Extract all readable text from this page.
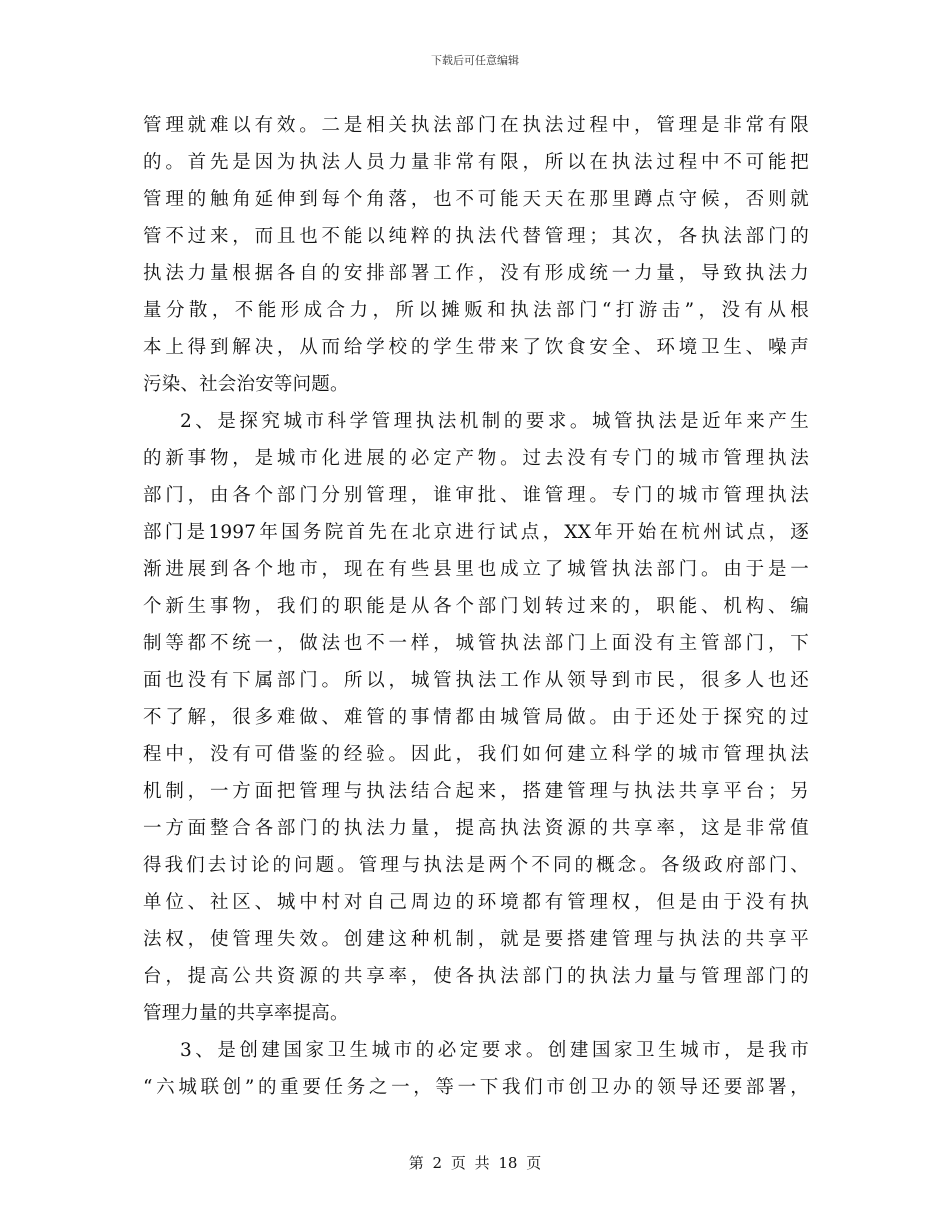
下载后可任意编辑
管理就难以有效。二是相关执法部门在执法过程中，管理是非常有限
的。首先是因为执法人员力量非常有限，所以在执法过程中不可能把
管理的触角延伸到每个角落，也不可能天天在那里蹲点守候，否则就
管不过来，而且也不能以纯粹的执法代替管理；其次，各执法部门的
执法力量根据各自的安排部署工作，没有形成统一力量，导致执法力
量分散，不能形成合力，所以摊贩和执法部门“打游击”，没有从根
本上得到解决，从而给学校的学生带来了饮食安全、环境卫生、噪声
污染、社会治安等问题。
2、是探究城市科学管理执法机制的要求。城管执法是近年来产生
的新事物，是城市化进展的必定产物。过去没有专门的城市管理执法
部门，由各个部门分别管理，谁审批、谁管理。专门的城市管理执法
部门是1997年国务院首先在北京进行试点，XX年开始在杭州试点，逐
渐进展到各个地市，现在有些县里也成立了城管执法部门。由于是一
个新生事物，我们的职能是从各个部门划转过来的，职能、机构、编
制等都不统一，做法也不一样，城管执法部门上面没有主管部门，下
面也没有下属部门。所以，城管执法工作从领导到市民，很多人也还
不了解，很多难做、难管的事情都由城管局做。由于还处于探究的过
程中，没有可借鉴的经验。因此，我们如何建立科学的城市管理执法
机制，一方面把管理与执法结合起来，搭建管理与执法共享平台；另
一方面整合各部门的执法力量，提高执法资源的共享率，这是非常值
得我们去讨论的问题。管理与执法是两个不同的概念。各级政府部门、
单位、社区、城中村对自己周边的环境都有管理权，但是由于没有执
法权，使管理失效。创建这种机制，就是要搭建管理与执法的共享平
台，提高公共资源的共享率，使各执法部门的执法力量与管理部门的
管理力量的共享率提高。
3、是创建国家卫生城市的必定要求。创建国家卫生城市，是我市
“六城联创”的重要任务之一，等一下我们市创卫办的领导还要部署，
第 2 页 共 18 页
